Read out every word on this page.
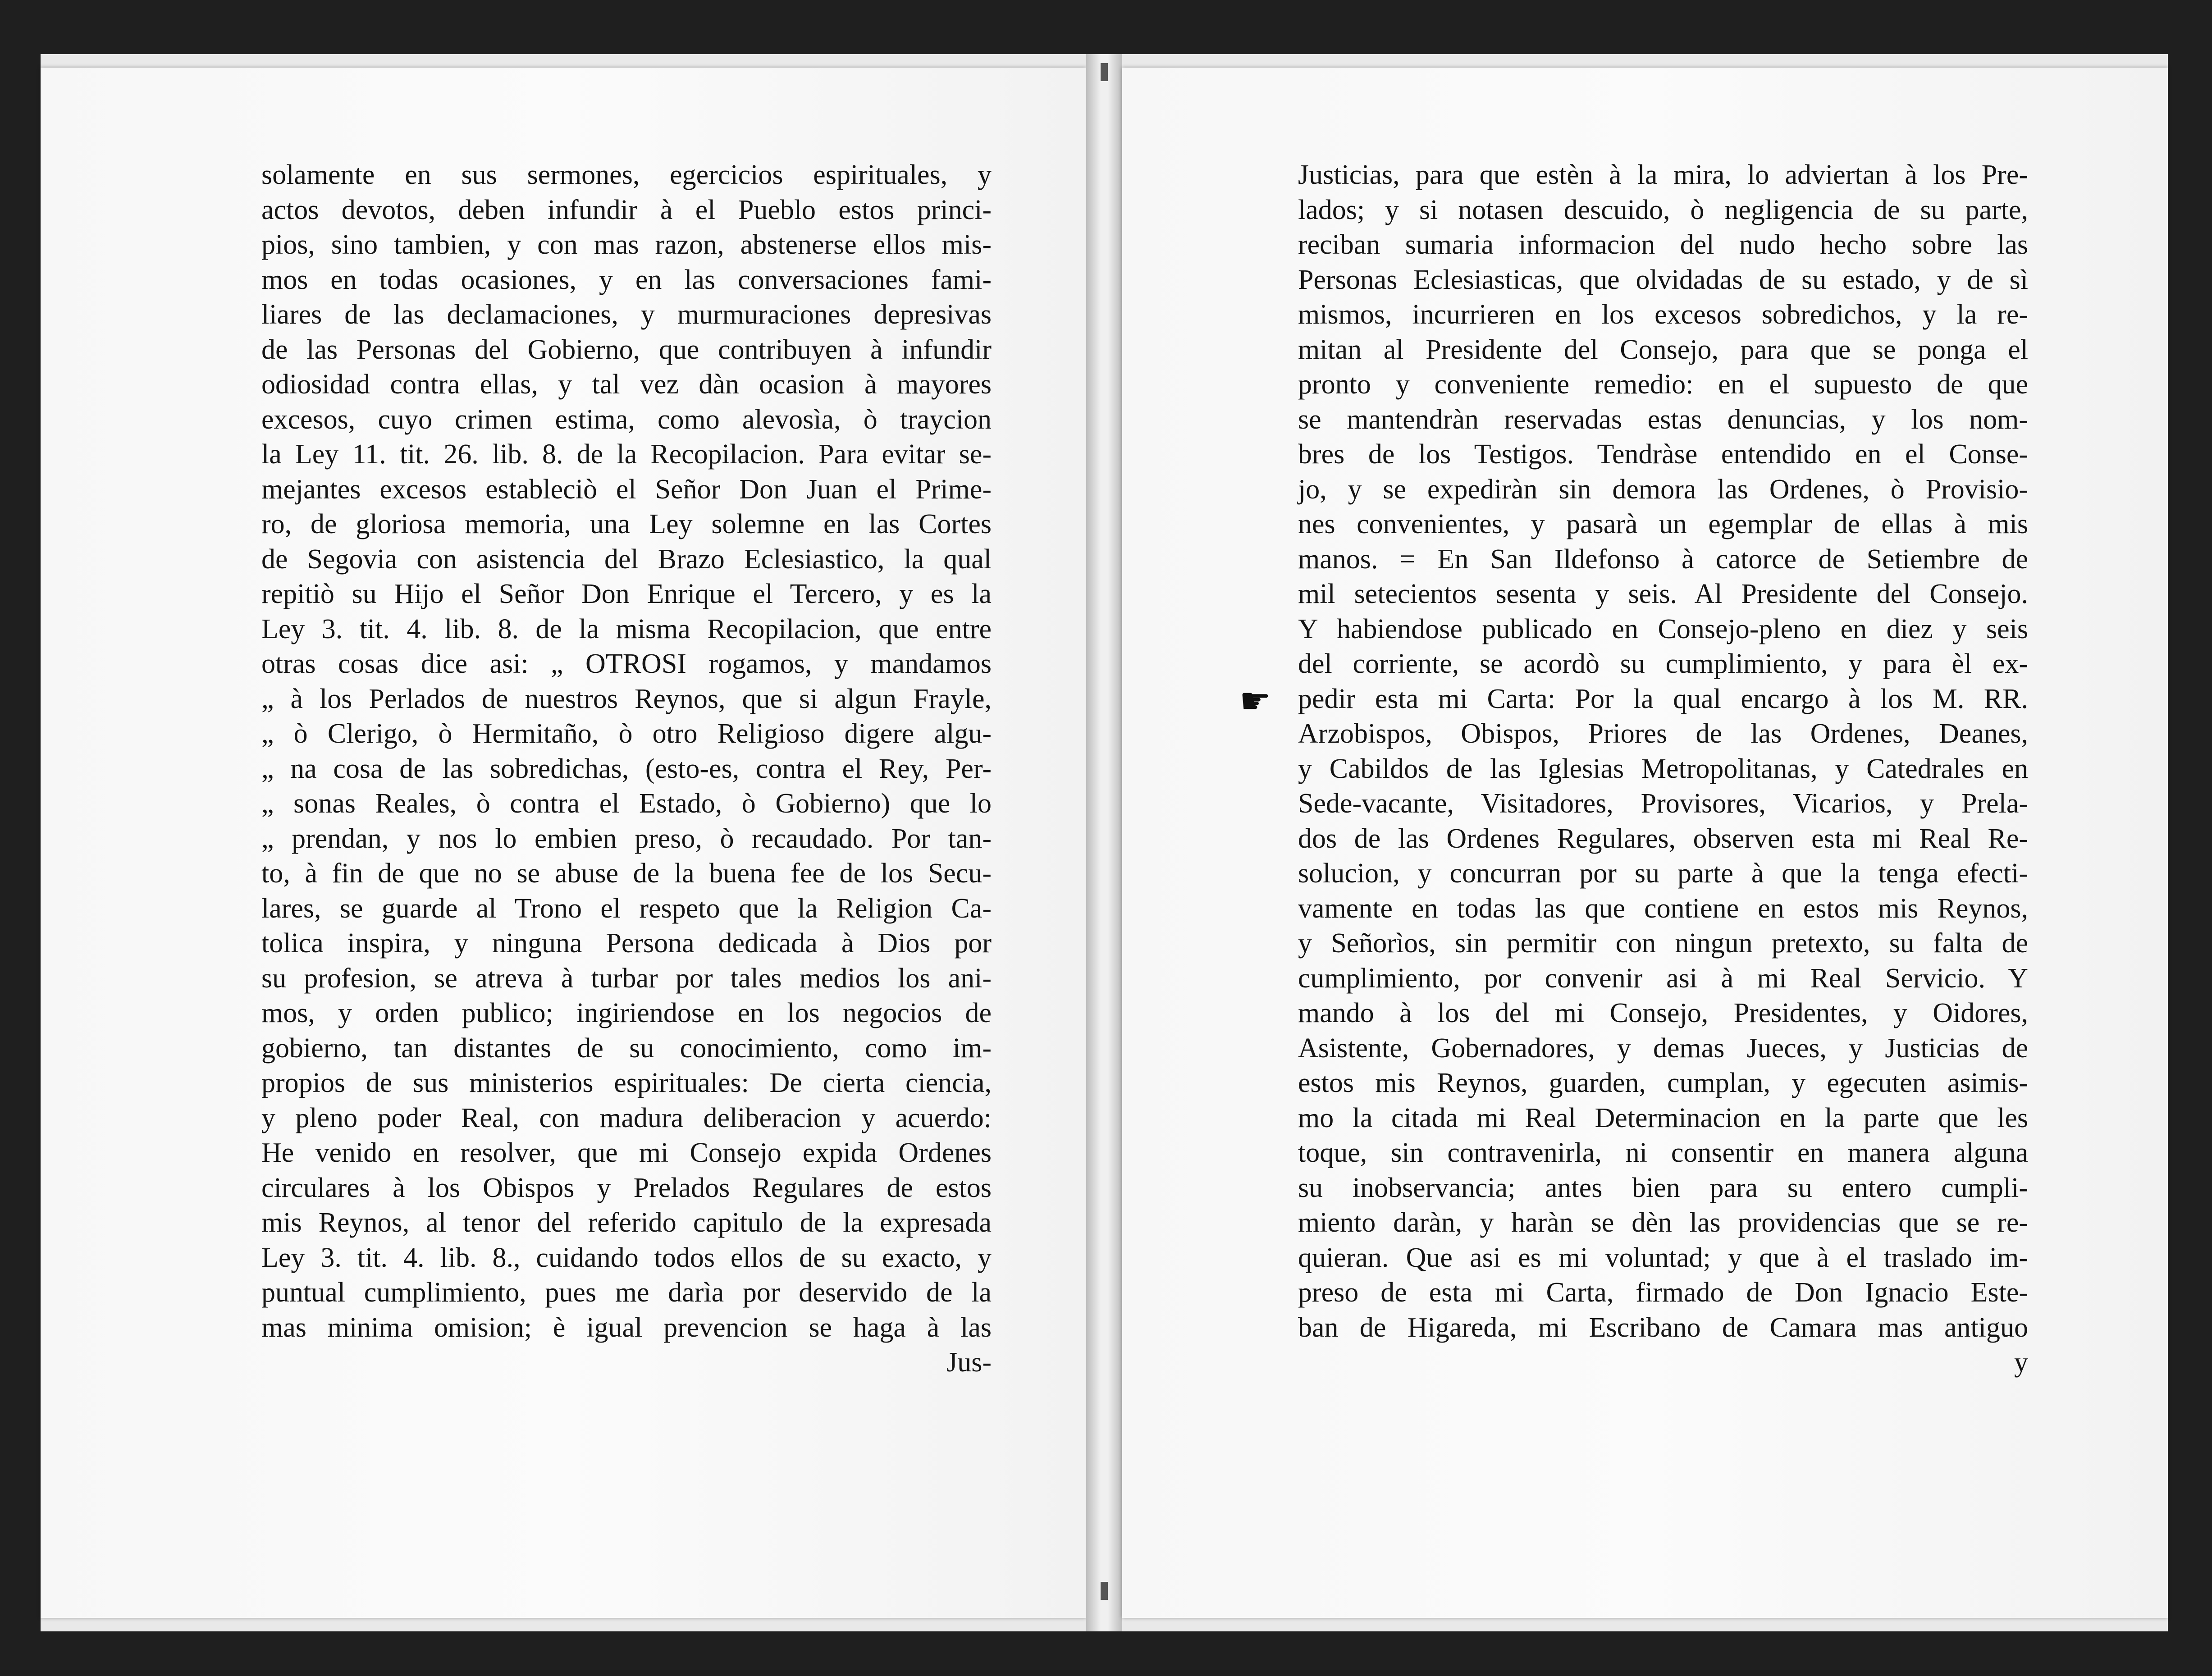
solamente en sus sermones, egercicios espirituales, y
actos devotos, deben infundir à el Pueblo estos princi-
pios, sino tambien, y con mas razon, abstenerse ellos mis-
mos en todas ocasiones, y en las conversaciones fami-
liares de las declamaciones, y murmuraciones depresivas
de las Personas del Gobierno, que contribuyen à infundir
odiosidad contra ellas, y tal vez dàn ocasion à mayores
excesos, cuyo crimen estima, como alevosìa, ò traycion
la Ley 11. tit. 26. lib. 8. de la Recopilacion. Para evitar se-
mejantes excesos estableciò el Señor Don Juan el Prime-
ro, de gloriosa memoria, una Ley solemne en las Cortes
de Segovia con asistencia del Brazo Eclesiastico, la qual
repitiò su Hijo el Señor Don Enrique el Tercero, y es la
Ley 3. tit. 4. lib. 8. de la misma Recopilacion, que entre
otras cosas dice asi: „ OTROSI rogamos, y mandamos
„ à los Perlados de nuestros Reynos, que si algun Frayle,
„ ò Clerigo, ò Hermitaño, ò otro Religioso digere algu-
„ na cosa de las sobredichas, (esto-es, contra el Rey, Per-
„ sonas Reales, ò contra el Estado, ò Gobierno) que lo
„ prendan, y nos lo embien preso, ò recaudado. Por tan-
to, à fin de que no se abuse de la buena fee de los Secu-
lares, se guarde al Trono el respeto que la Religion Ca-
tolica inspira, y ninguna Persona dedicada à Dios por
su profesion, se atreva à turbar por tales medios los ani-
mos, y orden publico; ingiriendose en los negocios de
gobierno, tan distantes de su conocimiento, como im-
propios de sus ministerios espirituales: De cierta ciencia,
y pleno poder Real, con madura deliberacion y acuerdo:
He venido en resolver, que mi Consejo expida Ordenes
circulares à los Obispos y Prelados Regulares de estos
mis Reynos, al tenor del referido capitulo de la expresada
Ley 3. tit. 4. lib. 8., cuidando todos ellos de su exacto, y
puntual cumplimiento, pues me darìa por deservido de la
mas minima omision; è igual prevencion se haga à las
Jus-
☛
Justicias, para que estèn à la mira, lo adviertan à los Pre-
lados; y si notasen descuido, ò negligencia de su parte,
reciban sumaria informacion del nudo hecho sobre las
Personas Eclesiasticas, que olvidadas de su estado, y de sì
mismos, incurrieren en los excesos sobredichos, y la re-
mitan al Presidente del Consejo, para que se ponga el
pronto y conveniente remedio: en el supuesto de que
se mantendràn reservadas estas denuncias, y los nom-
bres de los Testigos. Tendràse entendido en el Conse-
jo, y se expediràn sin demora las Ordenes, ò Provisio-
nes convenientes, y pasarà un egemplar de ellas à mis
manos. = En San Ildefonso à catorce de Setiembre de
mil setecientos sesenta y seis. Al Presidente del Consejo.
Y habiendose publicado en Consejo-pleno en diez y seis
del corriente, se acordò su cumplimiento, y para èl ex-
pedir esta mi Carta: Por la qual encargo à los M. RR.
Arzobispos, Obispos, Priores de las Ordenes, Deanes,
y Cabildos de las Iglesias Metropolitanas, y Catedrales en
Sede-vacante, Visitadores, Provisores, Vicarios, y Prela-
dos de las Ordenes Regulares, observen esta mi Real Re-
solucion, y concurran por su parte à que la tenga efecti-
vamente en todas las que contiene en estos mis Reynos,
y Señorìos, sin permitir con ningun pretexto, su falta de
cumplimiento, por convenir asi à mi Real Servicio. Y
mando à los del mi Consejo, Presidentes, y Oidores,
Asistente, Gobernadores, y demas Jueces, y Justicias de
estos mis Reynos, guarden, cumplan, y egecuten asimis-
mo la citada mi Real Determinacion en la parte que les
toque, sin contravenirla, ni consentir en manera alguna
su inobservancia; antes bien para su entero cumpli-
miento daràn, y haràn se dèn las providencias que se re-
quieran. Que asi es mi voluntad; y que à el traslado im-
preso de esta mi Carta, firmado de Don Ignacio Este-
ban de Higareda, mi Escribano de Camara mas antiguo
y
